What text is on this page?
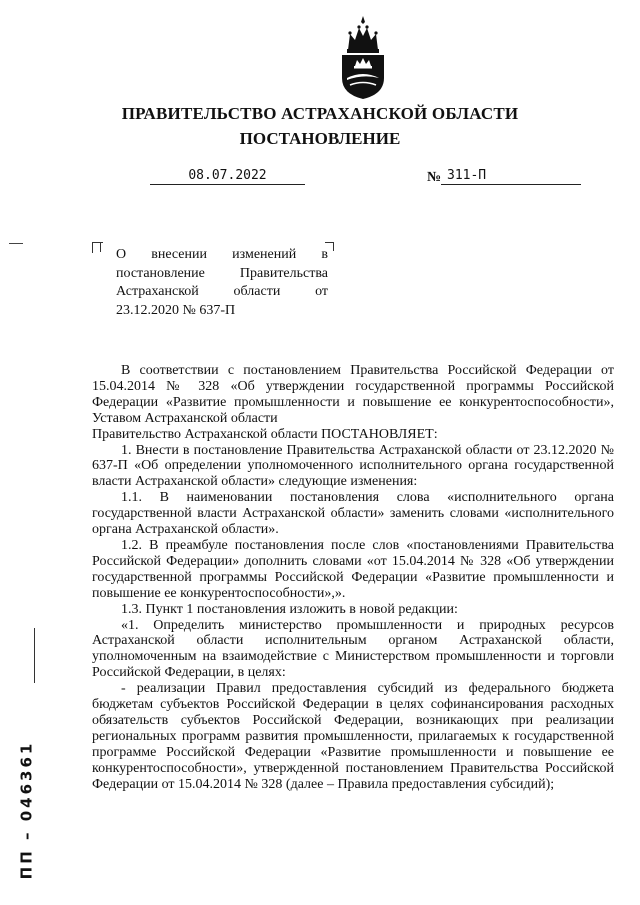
ПРАВИТЕЛЬСТВО АСТРАХАНСКОЙ ОБЛАСТИ
ПОСТАНОВЛЕНИЕ
08.07.2022	№ 311-П
О внесении изменений в постановление Правительства Астраханской области от 23.12.2020 № 637-П

В соответствии с постановлением Правительства Российской Федерации от 15.04.2014 № 328 «Об утверждении государственной программы Российской Федерации «Развитие промышленности и повышение ее конкурентоспособности», Уставом Астраханской области

Правительство Астраханской области ПОСТАНОВЛЯЕТ:

1. Внести в постановление Правительства Астраханской области от 23.12.2020 № 637-П «Об определении уполномоченного исполнительного органа государственной власти Астраханской области» следующие изменения:

1.1. В наименовании постановления слова «исполнительного органа государственной власти Астраханской области» заменить словами «исполнительного органа Астраханской области».

1.2. В преамбуле постановления после слов «постановлениями Правительства Российской Федерации» дополнить словами «от 15.04.2014 № 328 «Об утверждении государственной программы Российской Федерации «Развитие промышленности и повышение ее конкурентоспособности»,».

1.3. Пункт 1 постановления изложить в новой редакции:

«1. Определить министерство промышленности и природных ресурсов Астраханской области исполнительным органом Астраханской области, уполномоченным на взаимодействие с Министерством промышленности и торговли Российской Федерации, в целях:

- реализации Правил предоставления субсидий из федерального бюджета бюджетам субъектов Российской Федерации в целях софинансирования расходных обязательств субъектов Российской Федерации, возникающих при реализации региональных программ развития промышленности, прилагаемых к государственной программе Российской Федерации «Развитие промышленности и повышение ее конкурентоспособности», утвержденной постановлением Правительства Российской Федерации от 15.04.2014 № 328 (далее – Правила предоставления субсидий);

ПП – 046361
